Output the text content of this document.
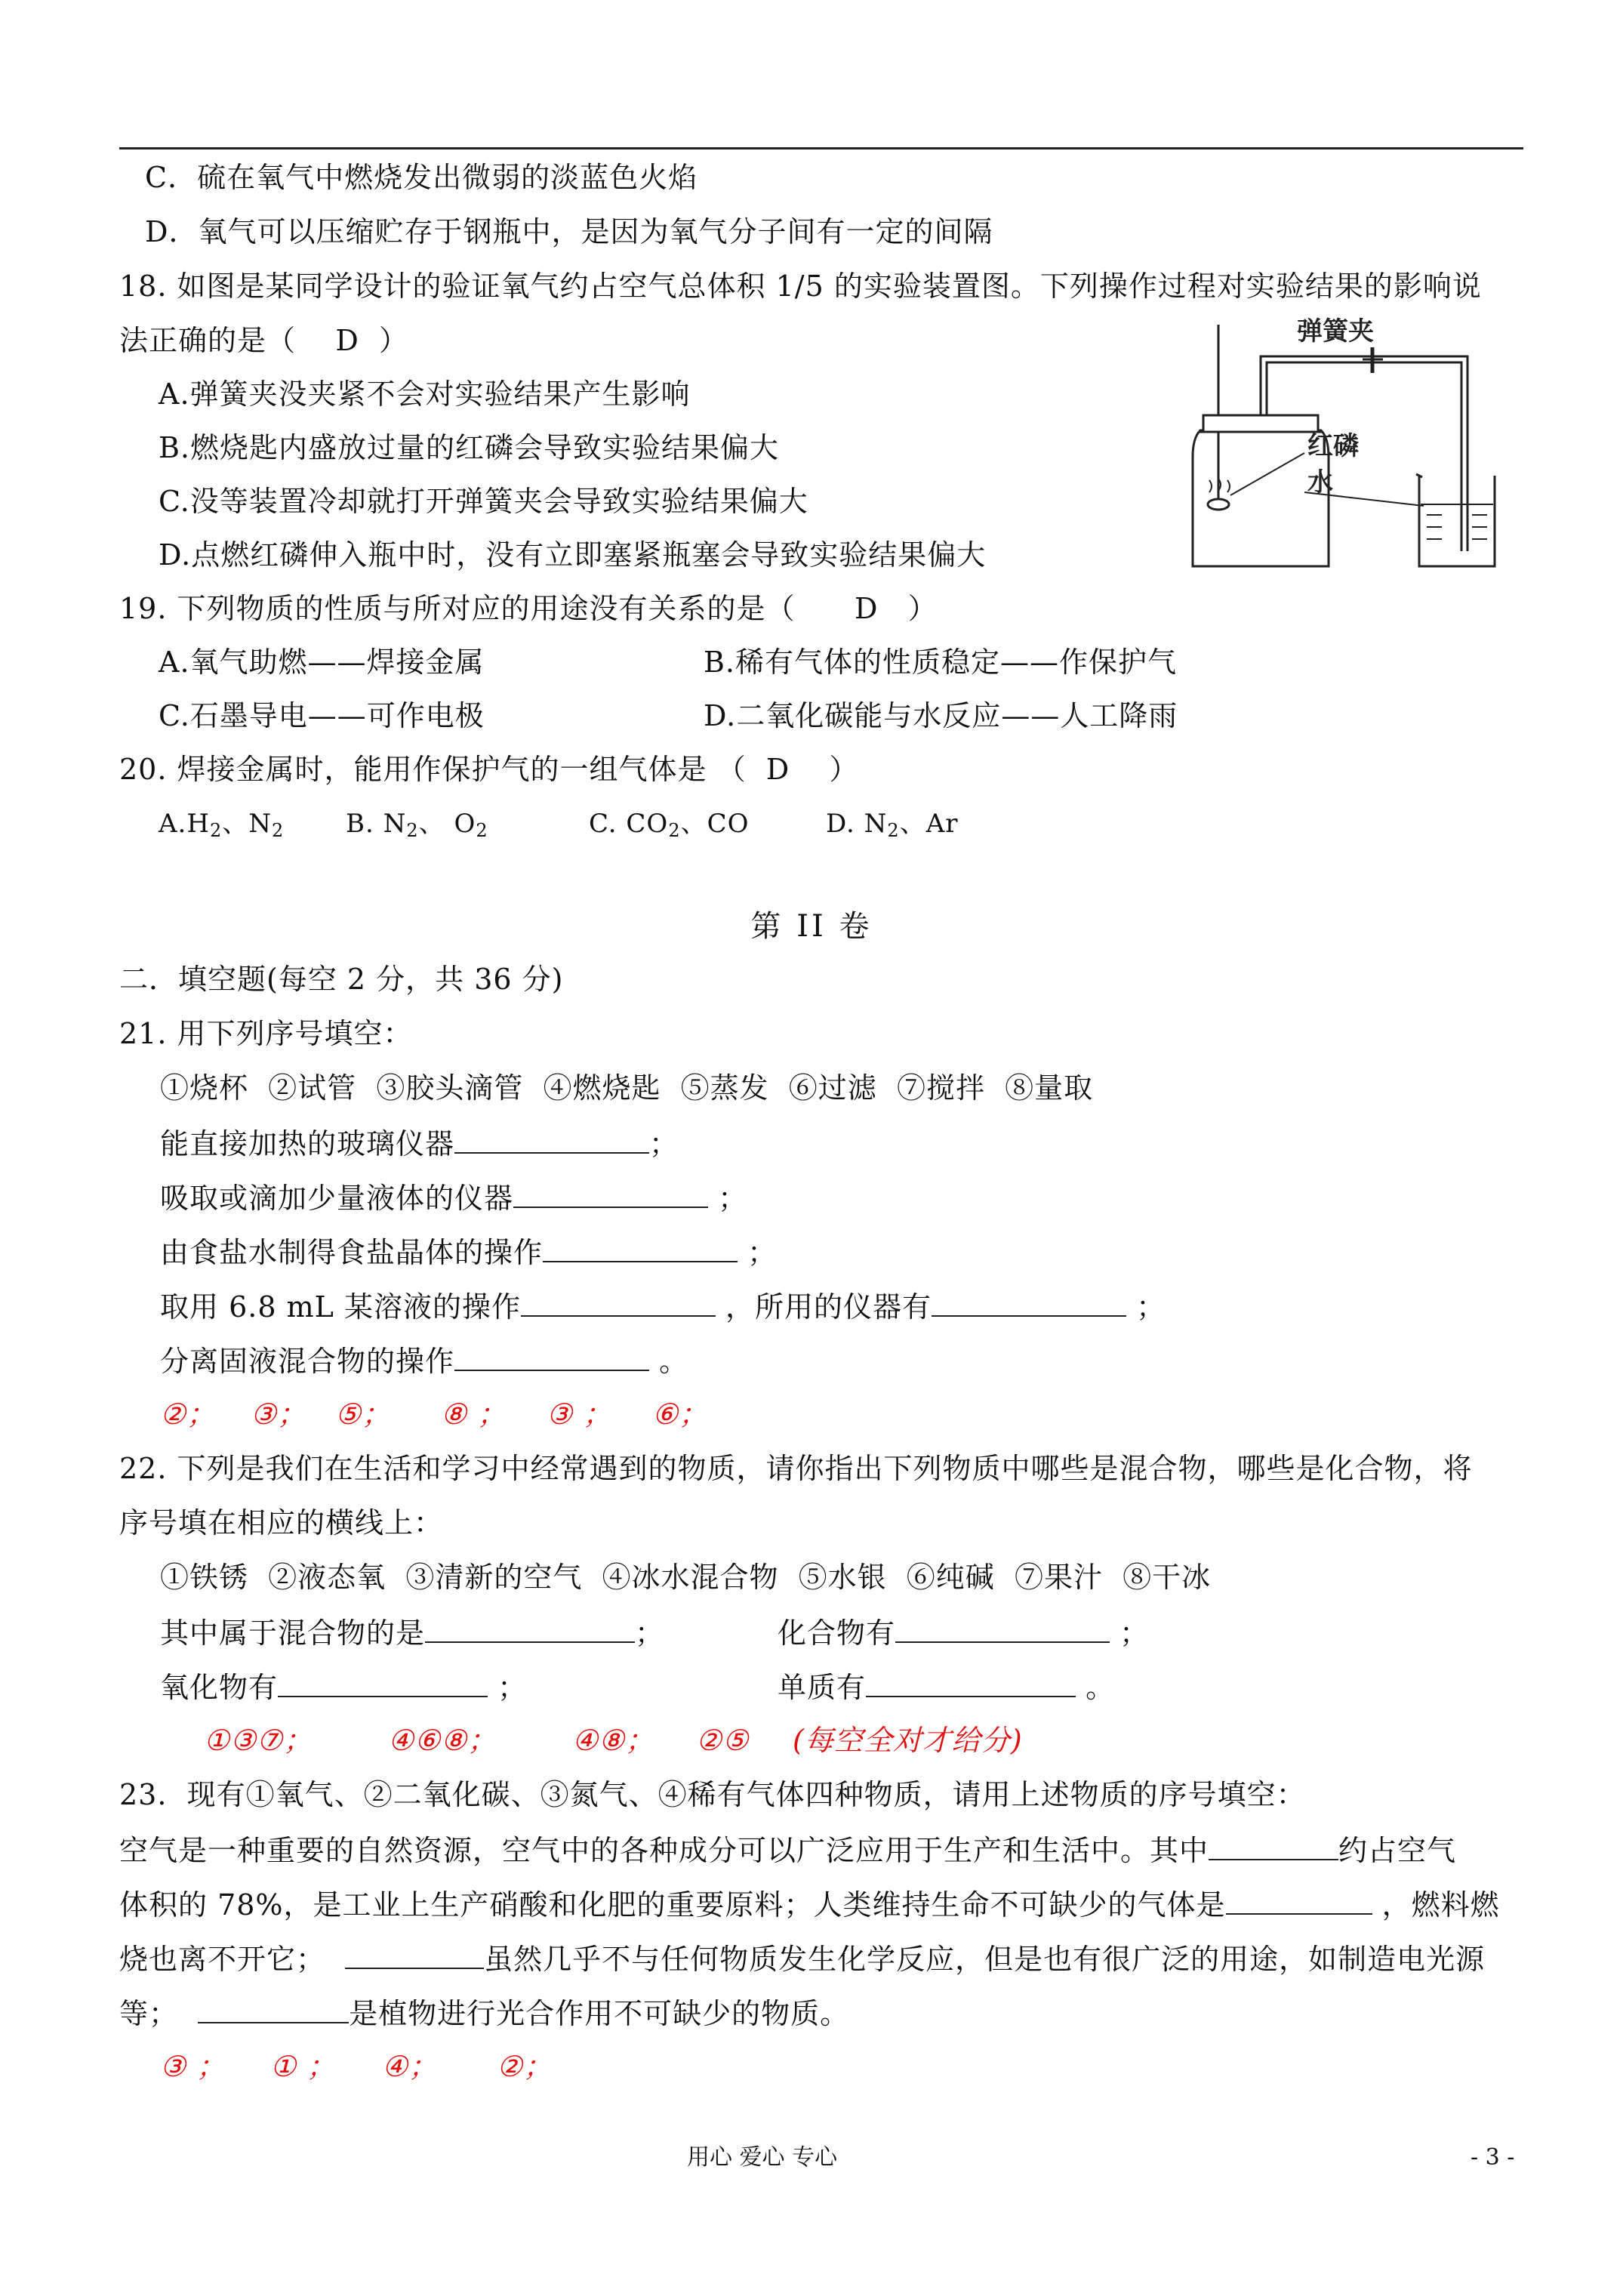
C．硫在氧气中燃烧发出微弱的淡蓝色火焰
D．氧气可以压缩贮存于钢瓶中，是因为氧气分子间有一定的间隔
18. 如图是某同学设计的验证氧气约占空气总体积 1/5 的实验装置图。下列操作过程对实验结果的影响说
法正确的是（    D  ）
A.弹簧夹没夹紧不会对实验结果产生影响
B.燃烧匙内盛放过量的红磷会导致实验结果偏大
C.没等装置冷却就打开弹簧夹会导致实验结果偏大
D.点燃红磷伸入瓶中时，没有立即塞紧瓶塞会导致实验结果偏大
弹簧夹
红磷
水
19. 下列物质的性质与所对应的用途没有关系的是（      D   ）
A.氧气助燃——焊接金属	B.稀有气体的性质稳定——作保护气
C.石墨导电——可作电极	D.二氧化碳能与水反应——人工降雨
20. 焊接金属时，能用作保护气的一组气体是 （  D    ）
$A.H_2$、$N_2$ B. $N_2$、 $O_2$	C. $CO_2$、CO	D. $N_2$、Ar
第 II 卷
二．填空题(每空 2 分，共 36 分)
21. 用下列序号填空：
①烧杯  ②试管  ③胶头滴管  ④燃烧匙  ⑤蒸发  ⑥过滤  ⑦搅拌  ⑧量取
能直接加热的玻璃仪器	；
吸取或滴加少量液体的仪器	；
由食盐水制得食盐晶体的操作	；
取用 6.8 mL 某溶液的操作	，所用的仪器有	；
分离固液混合物的操作	。
②； ③； ⑤； ⑧ ； ③ ； ⑥；
22. 下列是我们在生活和学习中经常遇到的物质，请你指出下列物质中哪些是混合物，哪些是化合物，将
序号填在相应的横线上：
①铁锈  ②液态氧  ③清新的空气  ④冰水混合物  ⑤水银  ⑥纯碱  ⑦果汁  ⑧干冰
其中属于混合物的是	；	化合物有	；
氧化物有	；	单质有	。
①③⑦；	④⑥⑧；	④⑧； ②⑤ (每空全对才给分)
23.  现有①氧气、②二氧化碳、③氮气、④稀有气体四种物质，请用上述物质的序号填空：
空气是一种重要的自然资源，空气中的各种成分可以广泛应用于生产和生活中。其中	约占空气
体积的 78%，是工业上生产硝酸和化肥的重要原料；人类维持生命不可缺少的气体是	，燃料燃
烧也离不开它；	虽然几乎不与任何物质发生化学反应，但是也有很广泛的用途，如制造电光源
等；	是植物进行光合作用不可缺少的物质。
③ ； ① ； ④； ②；
用心 爱心 专心	- 3 -
